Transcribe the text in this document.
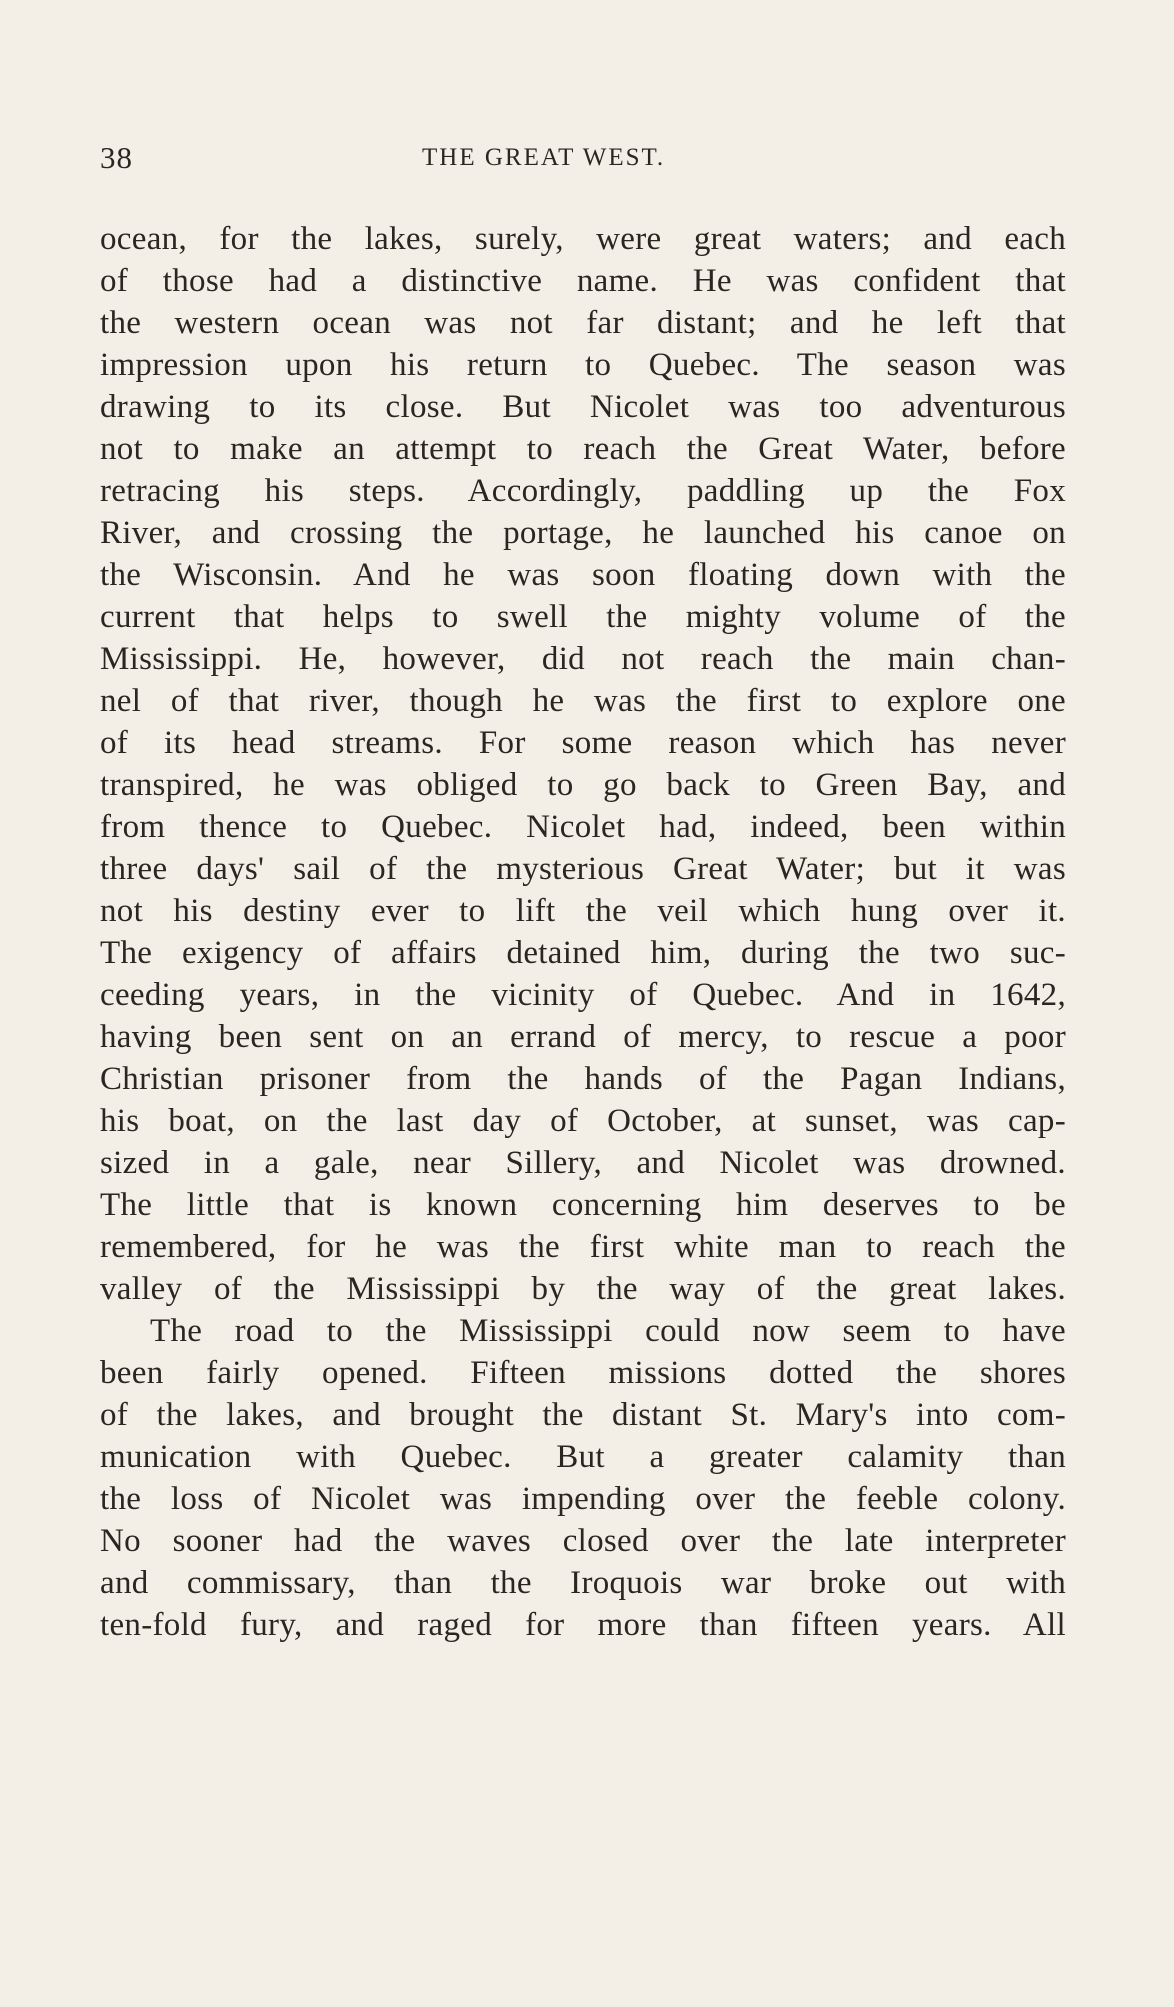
38	THE GREAT WEST.
ocean, for the lakes, surely, were great waters; and each
of those had a distinctive name. He was confident that
the western ocean was not far distant; and he left that
impression upon his return to Quebec. The season was
drawing to its close. But Nicolet was too adventurous
not to make an attempt to reach the Great Water, before
retracing his steps. Accordingly, paddling up the Fox
River, and crossing the portage, he launched his canoe on
the Wisconsin. And he was soon floating down with the
current that helps to swell the mighty volume of the
Mississippi. He, however, did not reach the main chan-
nel of that river, though he was the first to explore one
of its head streams. For some reason which has never
transpired, he was obliged to go back to Green Bay, and
from thence to Quebec. Nicolet had, indeed, been within
three days' sail of the mysterious Great Water; but it was
not his destiny ever to lift the veil which hung over it.
The exigency of affairs detained him, during the two suc-
ceeding years, in the vicinity of Quebec. And in 1642,
having been sent on an errand of mercy, to rescue a poor
Christian prisoner from the hands of the Pagan Indians,
his boat, on the last day of October, at sunset, was cap-
sized in a gale, near Sillery, and Nicolet was drowned.
The little that is known concerning him deserves to be
remembered, for he was the first white man to reach the
valley of the Mississippi by the way of the great lakes.
The road to the Mississippi could now seem to have
been fairly opened. Fifteen missions dotted the shores
of the lakes, and brought the distant St. Mary's into com-
munication with Quebec. But a greater calamity than
the loss of Nicolet was impending over the feeble colony.
No sooner had the waves closed over the late interpreter
and commissary, than the Iroquois war broke out with
ten-fold fury, and raged for more than fifteen years. All
